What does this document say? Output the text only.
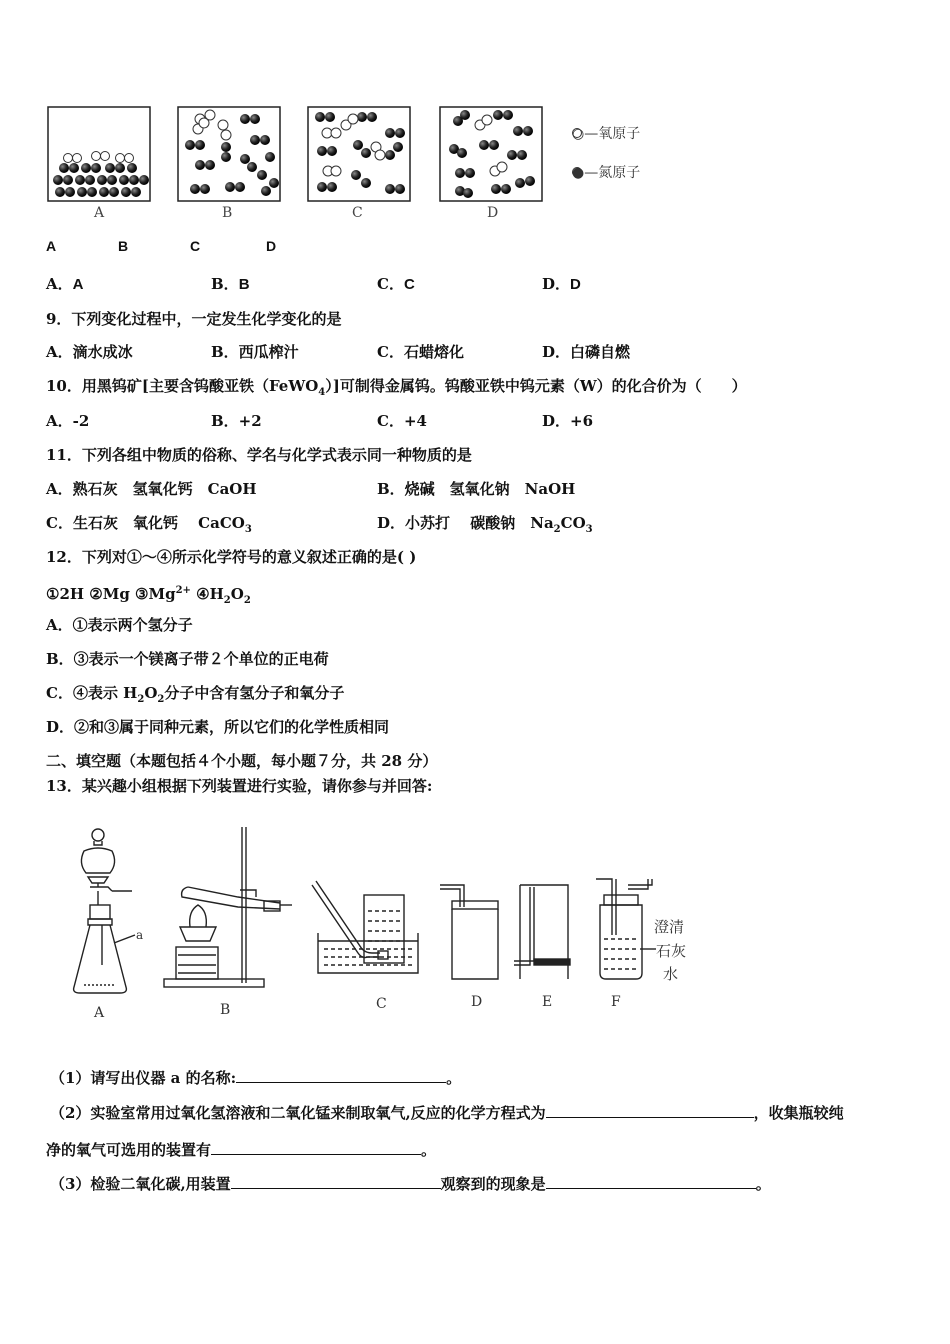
A	B	C	D
○—氧原子
●—氮原子
A	B	C	D
A．A	B．B	C．C	D．D
9．下列变化过程中，一定发生化学变化的是
A．滴水成冰	B．西瓜榨汁	C．石蜡熔化	D．白磷自燃
10．用黑钨矿[主要含钨酸亚铁（FeWO$_4$）]可制得金属钨。钨酸亚铁中钨元素（W）的化合价为（　　）
A．-2	B．+2	C．+4	D．+6
11．下列各组中物质的俗称、学名与化学式表示同一种物质的是
A．熟石灰　氢氧化钙　CaOH	B．烧碱　氢氧化钠　NaOH
C．生石灰　氧化钙　 CaCO$_3$	D．小苏打　 碳酸钠　$Na_2CO_3$
12．下列对①～④所示化学符号的意义叙述正确的是( )
①2H ②Mg $③Mg^{2+}$ $④H_2O_2$
A．①表示两个氢分子
B．③表示一个镁离子带２个单位的正电荷
C．④表示 $H_2O_2$分子中含有氢分子和氧分子
D．②和③属于同种元素，所以它们的化学性质相同
二、填空题（本题包括４个小题，每小题７分，共 28 分）
13．某兴趣小组根据下列装置进行实验，请你参与并回答:
A	B	C	D	E	F
a	澄清
石灰
水
（1）请写出仪器 a 的名称:	。
（2）实验室常用过氧化氢溶液和二氧化锰来制取氧气,反应的化学方程式为	，收集瓶较纯
净的氧气可选用的装置有	。
（3）检验二氧化碳,用装置	观察到的现象是	。
